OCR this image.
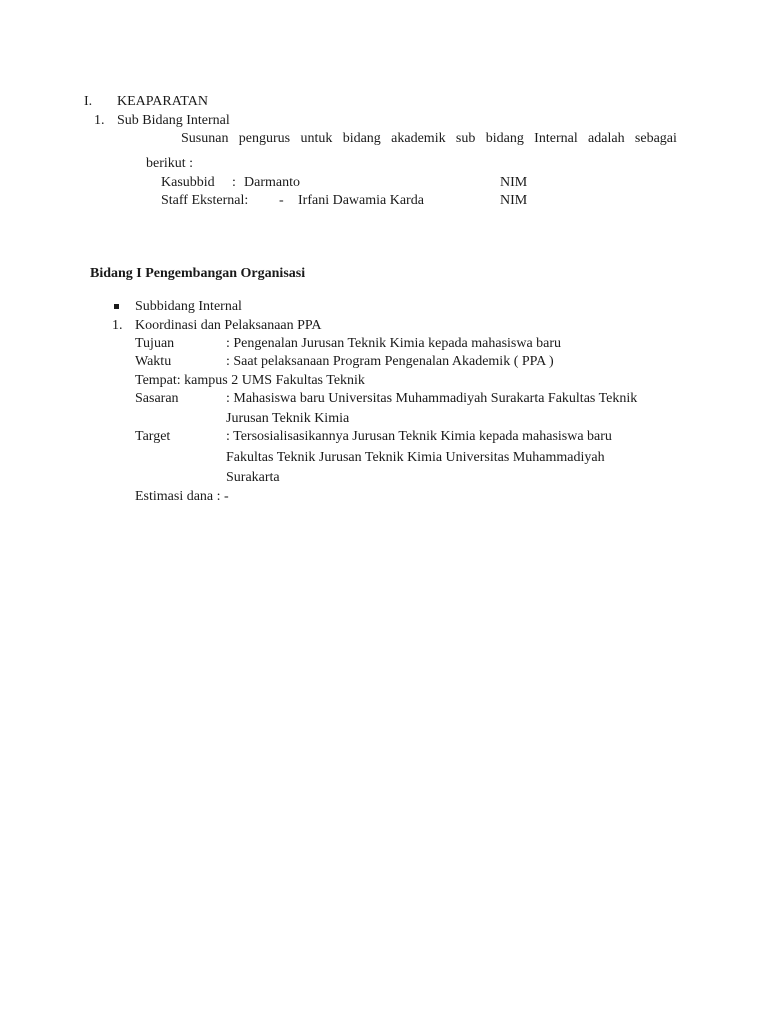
I. KEAPARATAN
1. Sub Bidang Internal
Susunan pengurus untuk bidang akademik sub bidang Internal adalah sebagai
berikut :
Kasubbid : Darmanto	NIM
Staff Eksternal: - Irfani Dawamia Karda	NIM
Bidang I Pengembangan Organisasi
Subbidang Internal
1. Koordinasi dan Pelaksanaan PPA
Tujuan	: Pengenalan Jurusan Teknik Kimia kepada mahasiswa baru
Waktu	: Saat pelaksanaan Program Pengenalan Akademik ( PPA )
Tempat: kampus 2 UMS Fakultas Teknik
Sasaran	: Mahasiswa baru Universitas Muhammadiyah Surakarta Fakultas Teknik
Jurusan Teknik Kimia
Target	: Tersosialisasikannya Jurusan Teknik Kimia kepada mahasiswa baru
Fakultas Teknik Jurusan Teknik Kimia Universitas Muhammadiyah
Surakarta
Estimasi dana : -
